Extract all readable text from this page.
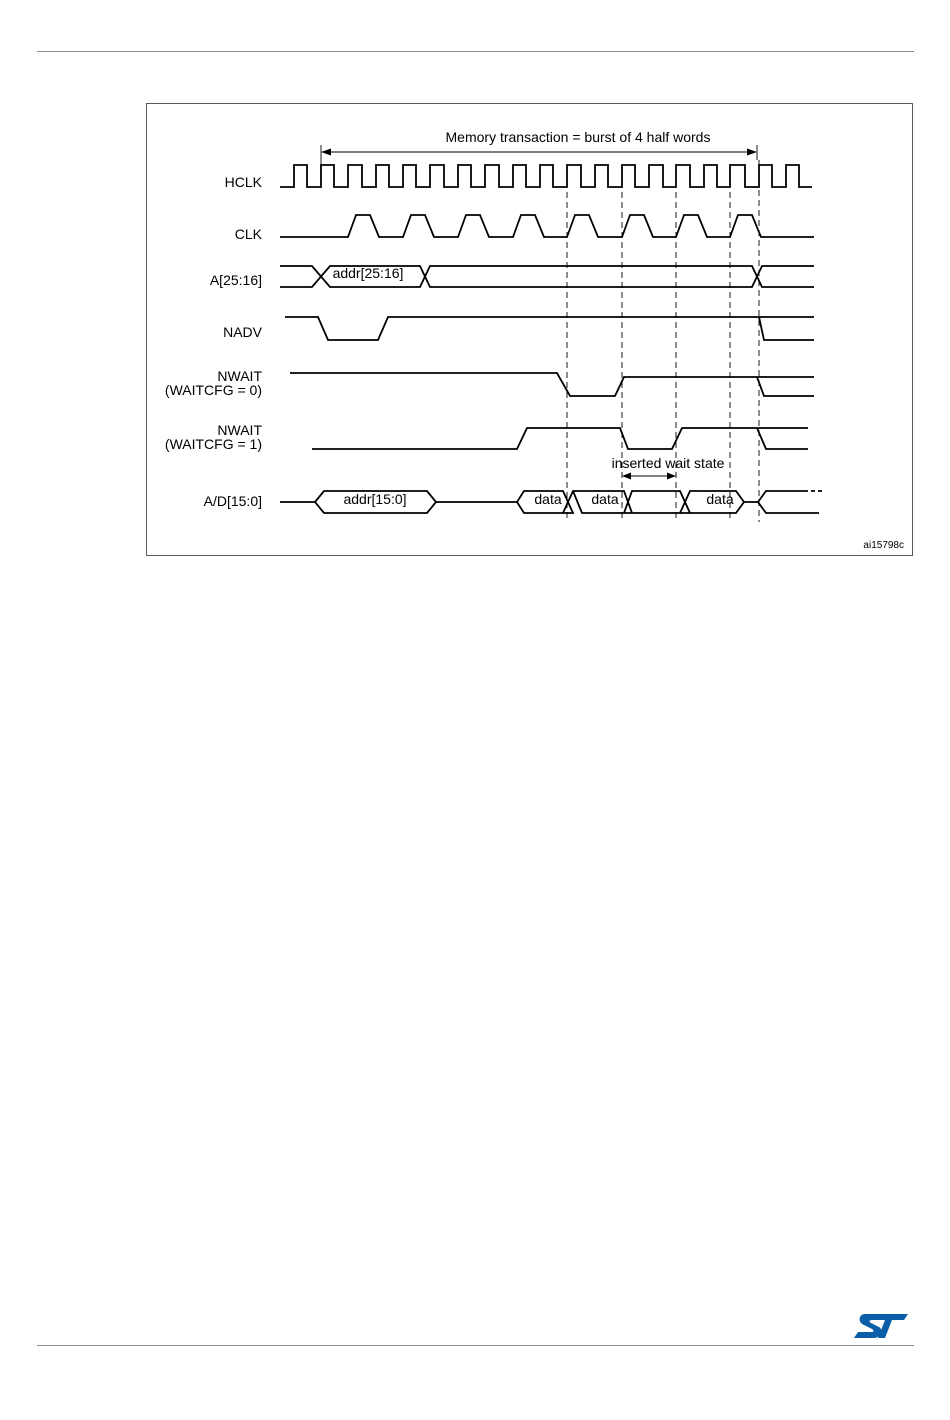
Memory transaction = burst of 4 half words
HCLK
CLK
A[25:16]
NADV
NWAIT
(WAITCFG = 0)
NWAIT
(WAITCFG = 1)
A/D[15:0]
addr[25:16]
inserted wait state
addr[15:0]	data data	data
ai15798c
